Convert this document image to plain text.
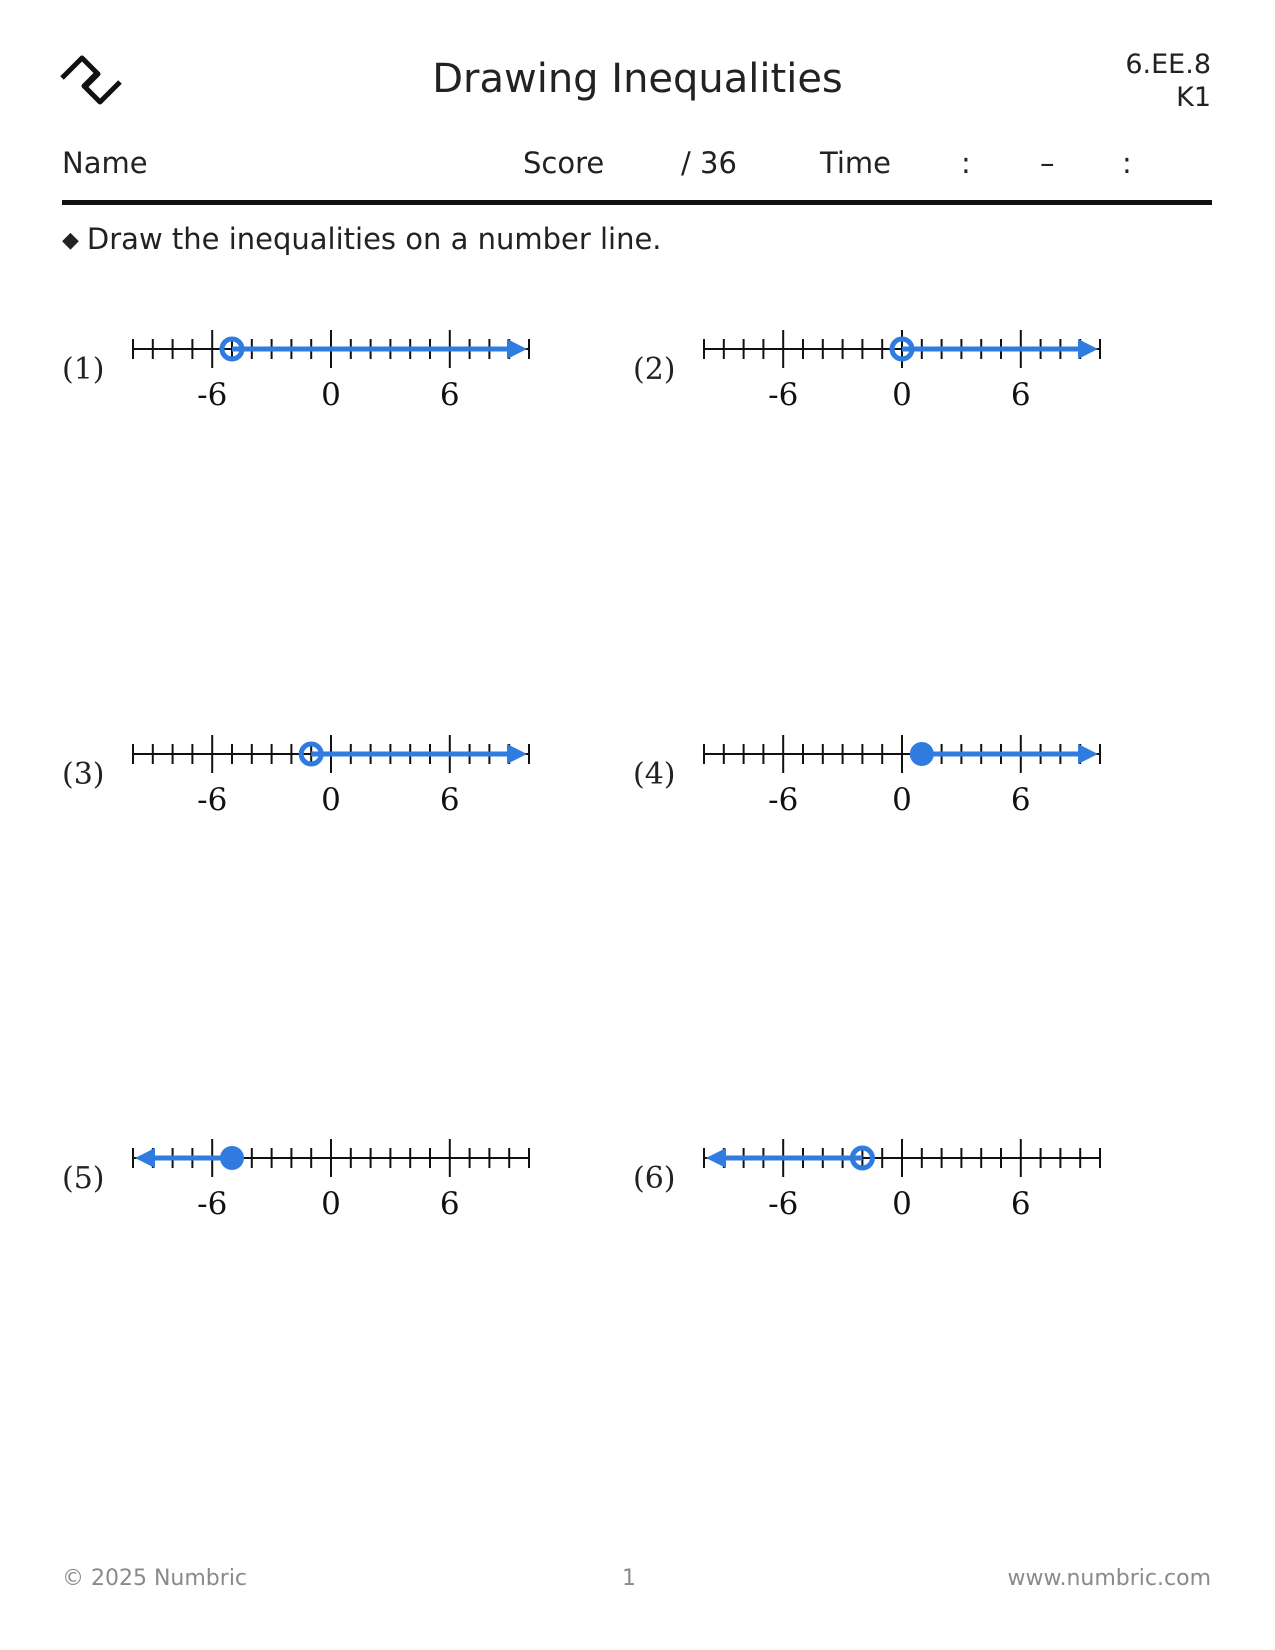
Drawing Inequalities	6.EE.8
K1
Name	Score	/ 36	Time : – :
◆ Draw the inequalities on a number line.
(1)
-6	0	6
(2)
-6	0	6
(3)
-6	0	6
(4)
-6	0	6
(5)
-6	0	6
(6)
-6	0	6
© 2025 Numbric	1	www.numbric.com
